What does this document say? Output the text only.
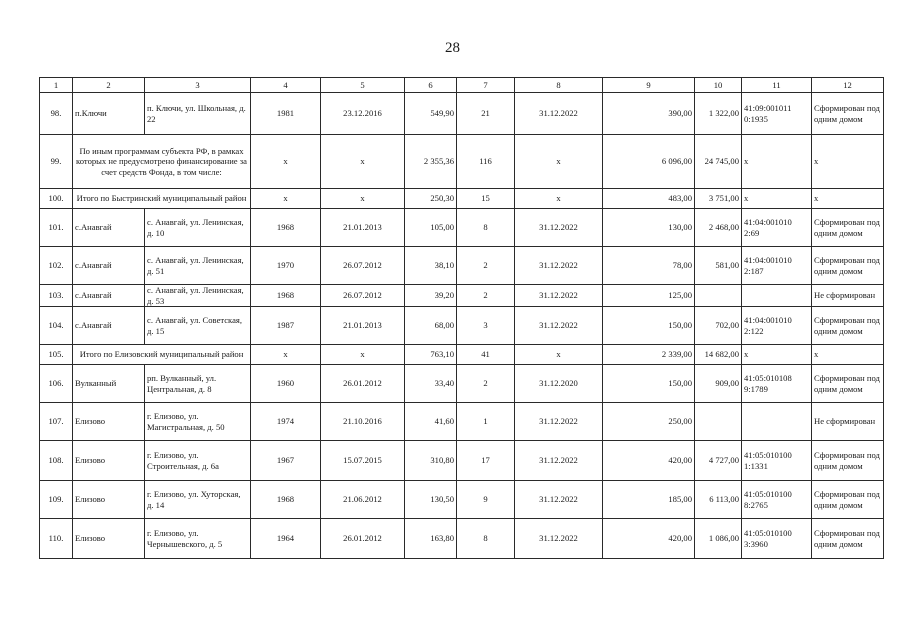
28
1	2	3	4	5	6	7	8	9	10	11	12
98.	п.Ключи	п. Ключи, ул. Школьная, д. 22	1981	23.12.2016	549,90	21	31.12.2022	390,00	1 322,00	41:09:001011 0:1935	Сформирован под одним домом
99.	По иным программам субъекта РФ, в рамках которых не предусмотрено финансирование за счет средств Фонда, в том числе:		x	x	2 355,36	116	x	6 096,00	24 745,00	x	x
100.	Итого по Быстринский муниципальный район		x	x	250,30	15	x	483,00	3 751,00	x	x
101.	с.Анавгай	с. Анавгай, ул. Ленинская, д. 10	1968	21.01.2013	105,00	8	31.12.2022	130,00	2 468,00	41:04:001010 2:69	Сформирован под одним домом
102.	с.Анавгай	с. Анавгай, ул. Ленинская, д. 51	1970	26.07.2012	38,10	2	31.12.2022	78,00	581,00	41:04:001010 2:187	Сформирован под одним домом
103.	с.Анавгай	с. Анавгай, ул. Ленинская, д. 53	1968	26.07.2012	39,20	2	31.12.2022	125,00			Не сформирован
104.	с.Анавгай	с. Анавгай, ул. Советская, д. 15	1987	21.01.2013	68,00	3	31.12.2022	150,00	702,00	41:04:001010 2:122	Сформирован под одним домом
105.	Итого по Елизовский муниципальный район		x	x	763,10	41	x	2 339,00	14 682,00	x	x
106.	Вулканный	рп. Вулканный, ул. Центральная, д. 8	1960	26.01.2012	33,40	2	31.12.2020	150,00	909,00	41:05:010108 9:1789	Сформирован под одним домом
107.	Елизово	г. Елизово, ул. Магистральная, д. 50	1974	21.10.2016	41,60	1	31.12.2022	250,00			Не сформирован
108.	Елизово	г. Елизово, ул. Строительная, д. 6а	1967	15.07.2015	310,80	17	31.12.2022	420,00	4 727,00	41:05:010100 1:1331	Сформирован под одним домом
109.	Елизово	г. Елизово, ул. Хуторская, д. 14	1968	21.06.2012	130,50	9	31.12.2022	185,00	6 113,00	41:05:010100 8:2765	Сформирован под одним домом
110.	Елизово	г. Елизово, ул. Чернышевского, д. 5	1964	26.01.2012	163,80	8	31.12.2022	420,00	1 086,00	41:05:010100 3:3960	Сформирован под одним домом
